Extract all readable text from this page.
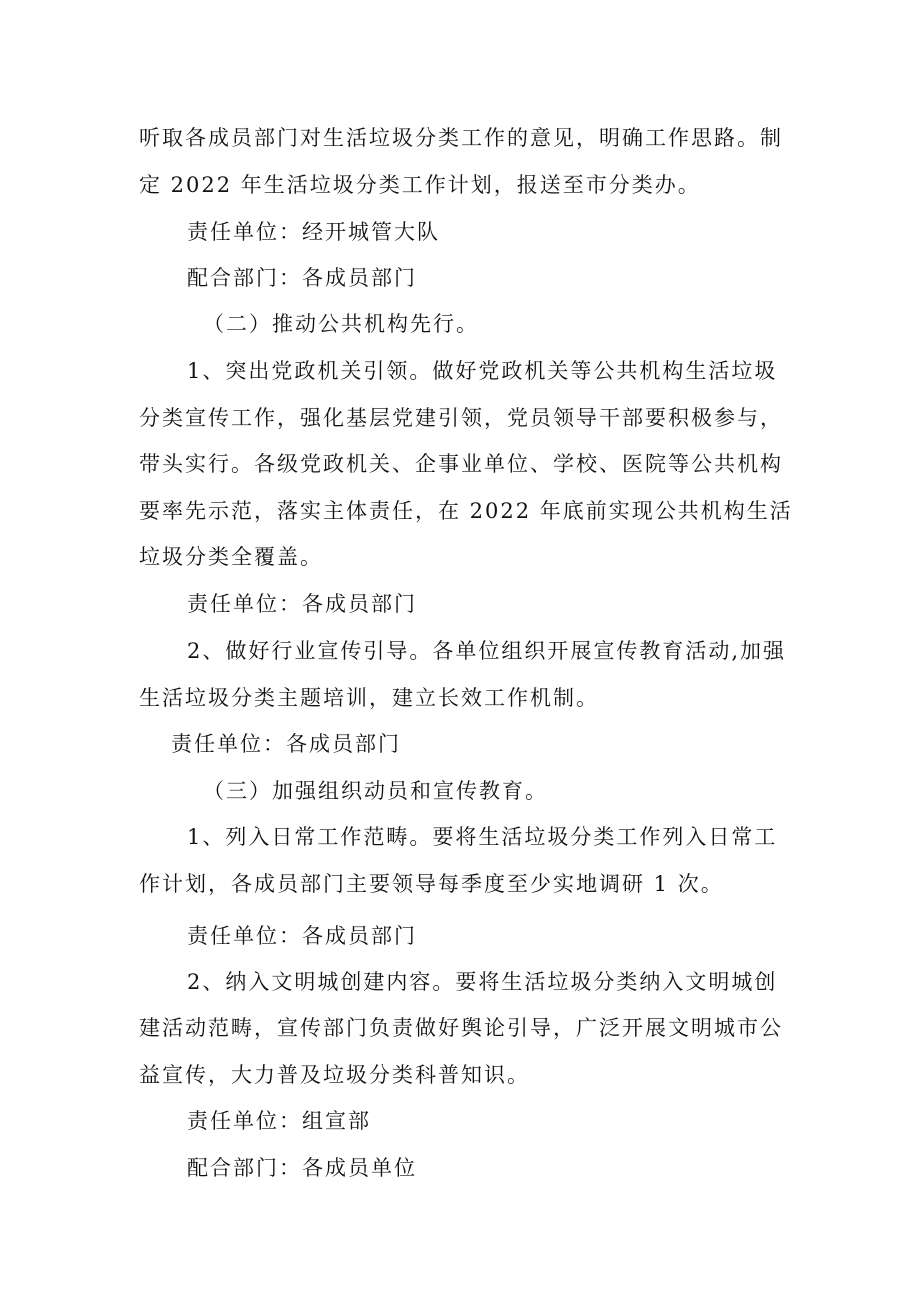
听取各成员部门对生活垃圾分类工作的意见，明确工作思路。制
定 2022 年生活垃圾分类工作计划，报送至市分类办。
责任单位：经开城管大队
配合部门：各成员部门
（二）推动公共机构先行。
1、突出党政机关引领。做好党政机关等公共机构生活垃圾
分类宣传工作，强化基层党建引领，党员领导干部要积极参与，
带头实行。各级党政机关、企事业单位、学校、医院等公共机构
要率先示范，落实主体责任，在 2022 年底前实现公共机构生活
垃圾分类全覆盖。
责任单位：各成员部门
2、做好行业宣传引导。各单位组织开展宣传教育活动,加强
生活垃圾分类主题培训，建立长效工作机制。
责任单位：各成员部门
（三）加强组织动员和宣传教育。
1、列入日常工作范畴。要将生活垃圾分类工作列入日常工
作计划，各成员部门主要领导每季度至少实地调研 1 次。
责任单位：各成员部门
2、纳入文明城创建内容。要将生活垃圾分类纳入文明城创
建活动范畴，宣传部门负责做好舆论引导，广泛开展文明城市公
益宣传，大力普及垃圾分类科普知识。
责任单位：组宣部
配合部门：各成员单位
